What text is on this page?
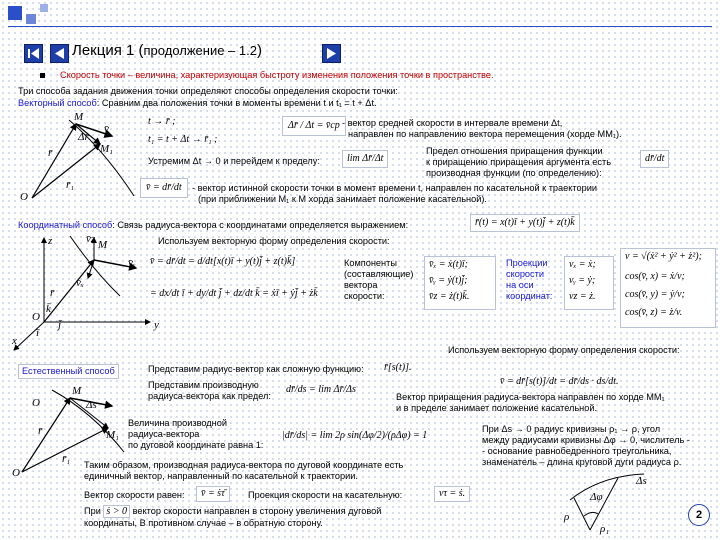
Лекция 1 (продолжение – 1.2)
Скорость точки – величина, характеризующая быстроту изменения положения точки в пространстве.
Три способа задания движения точки определяют способы определения скорости точки:
Векторный способ: Сравним два положения точки в моменты времени t и t₁ = t + Δt.
M
M₁
O
r̄
r̄₁
Δr̄
v̄
t → r̄ ;
t₁ = t + Δt → r̄₁ ;
Δr̄ / Δt = v̄ср - вектор средней скорости в интервале времени Δt,
направлен по направлению вектора перемещения (хорде MM₁).
Предел отношения приращения функции
к приращению приращения аргумента есть
производная функции (по определению):
lim Δr̄/Δt
Устремим Δt → 0 и перейдем к пределу:	dr̄/dt
v̄ = dr̄/dt	- вектор истинной скорости точки в момент времени t, направлен по касательной к траектории
(при приближении M₁ к M хорда занимает положение касательной).
Координатный способ: Связь радиуса-вектора с координатами определяется выражением:	r̄(t) = x(t)ī + y(t)j̄ + z(t)k̄
Используем векторную форму определения скорости:
M
r̄
O
y
z
x
v̄ᵧ
v̄z
v̄ₓ
j̄
ī
k̄
v̄ = dr̄/dt = d/dt[x(t)ī + y(t)j̄ + z(t)k̄]
= dx/dt ī + dy/dt j̄ + dz/dt k̄ = ẋī + ẏj̄ + żk̄
Компоненты
(составляющие)
вектора
скорости:
v̄ₓ = ẋ(t)ī;
v̄ᵧ = ẏ(t)j̄;
v̄z = ż(t)k̄.
Проекции
скорости
на оси
координат:
vₓ = ẋ;
vᵧ = ẏ;
vz = ż.
v = √(ẋ² + ẏ² + ż²);
cos(v̄, x) = ẋ/v;
cos(v̄, y) = ẏ/v;
cos(v̄, z) = ż/v.
Используем векторную форму определения скорости:
Естественный способ	Представим радиус-вектор как сложную функцию: r̄[s(t)].
v̄ = dr̄[s(t)]/dt = dr̄/ds · ds/dt.
Представим производную
радиуса-вектора как предел:
dr̄/ds = lim Δr̄/Δs
Вектор приращения радиуса-вектора направлен по хорде MM₁
и в пределе занимает положение касательной.
O
O
M
M₁
Δs
r̄
r̄₁
Величина производной
радиуса-вектора
по дуговой координате равна 1:
|dr̄/ds| = lim 2ρ sin(Δφ/2)/(ρΔφ) = 1
При Δs → 0 радиус кривизны ρ₁ → ρ, угол
между радиусами кривизны Δφ → 0, числитель -
- основание равнобедренного треугольника,
знаменатель – длина круговой дуги радиуса ρ.
Таким образом, производная радиуса-вектора по дуговой координате есть
единичный вектор, направленный по касательной к траектории.
Вектор скорости равен:	v̄ = ṡτ̄	Проекция скорости на касательную:	vτ = ṡ.
При ṡ > 0 вектор скорости направлен в сторону увеличения дуговой
координаты, В противном случае – в обратную сторону.
Δs
Δφ
ρ
ρ₁
2
